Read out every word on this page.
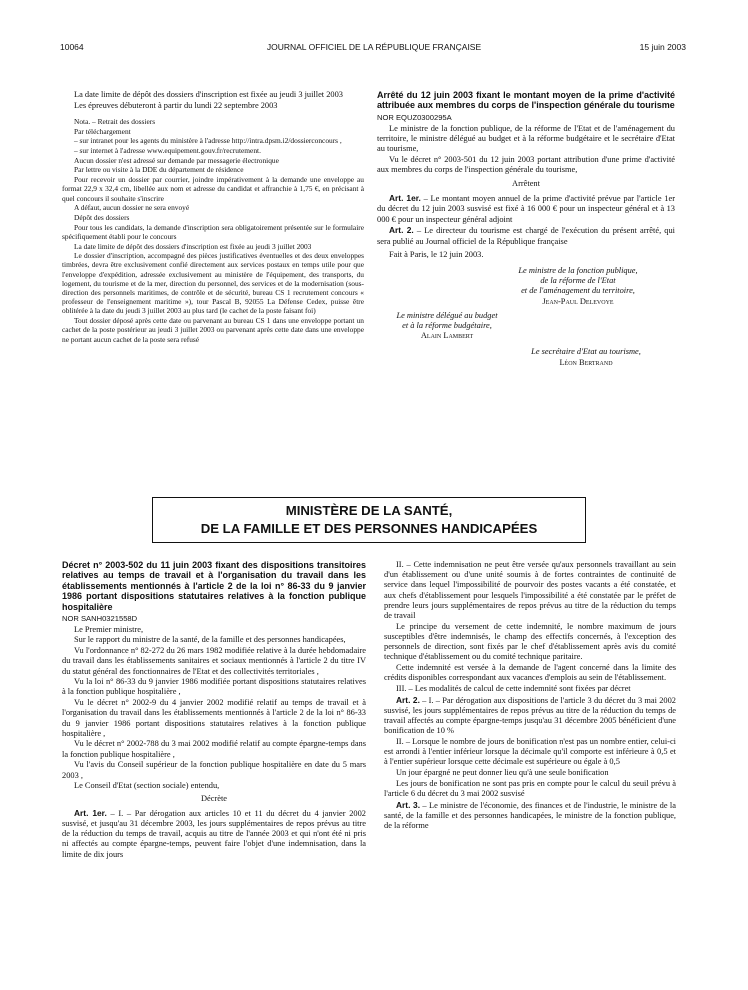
10064	JOURNAL OFFICIEL DE LA RÉPUBLIQUE FRANÇAISE	15 juin 2003

La date limite de dépôt des dossiers d'inscription est fixée au jeudi 3 juillet 2003

Les épreuves débuteront à partir du lundi 22 septembre 2003

Nota. – Retrait des dossiers

Par téléchargement

– sur intranet pour les agents du ministère à l'adresse http://intra.dpsm.i2/dossierconcours ,

– sur internet à l'adresse www.equipement.gouv.fr/recrutement.

Aucun dossier n'est adressé sur demande par messagerie électronique

Par lettre ou visite à la DDE du département de résidence

Pour recevoir un dossier par courrier, joindre impérativement à la demande une enveloppe au format 22,9 x 32,4 cm, libellée aux nom et adresse du candidat et affranchie à 1,75 €, en précisant à quel concours il souhaite s'inscrire

A défaut, aucun dossier ne sera envoyé

Dépôt des dossiers

Pour tous les candidats, la demande d'inscription sera obligatoirement présentée sur le formulaire spécifiquement établi pour le concours

La date limite de dépôt des dossiers d'inscription est fixée au jeudi 3 juillet 2003

Le dossier d'inscription, accompagné des pièces justificatives éventuelles et des deux enveloppes timbrées, devra être exclusivement confié directement aux services postaux en temps utile pour que l'enveloppe d'expédition, adressée exclusivement au ministère de l'équipement, des transports, du logement, du tourisme et de la mer, direction du personnel, des services et de la modernisation (sous-direction des personnels maritimes, de contrôle et de sécurité, bureau CS 1 recrutement concours « professeur de l'enseignement maritime »), tour Pascal B, 92055 La Défense Cedex, puisse être oblitérée à la date du jeudi 3 juillet 2003 au plus tard (le cachet de la poste faisant foi)

Tout dossier déposé après cette date ou parvenant au bureau CS 1 dans une enveloppe portant un cachet de la poste postérieur au jeudi 3 juillet 2003 ou parvenant après cette date dans une enveloppe ne portant aucun cachet de la poste sera refusé

Arrêté du 12 juin 2003 fixant le montant moyen de la prime d'activité attribuée aux membres du corps de l'inspection générale du tourisme

NOR EQUZ0300295A

Le ministre de la fonction publique, de la réforme de l'Etat et de l'aménagement du territoire, le ministre délégué au budget et à la réforme budgétaire et le secrétaire d'Etat au tourisme,

Vu le décret n° 2003-501 du 12 juin 2003 portant attribution d'une prime d'activité aux membres du corps de l'inspection générale du tourisme,

Arrêtent

Art. 1er. – Le montant moyen annuel de la prime d'activité prévue par l'article 1er du décret du 12 juin 2003 susvisé est fixé à 16 000 € pour un inspecteur général et à 13 000 € pour un inspecteur général adjoint

Art. 2. – Le directeur du tourisme est chargé de l'exécution du présent arrêté, qui sera publié au Journal officiel de la République française

Fait à Paris, le 12 juin 2003.

Le ministre de la fonction publique,
de la réforme de l'Etat
et de l'aménagement du territoire,
Jean-Paul Delevoye
Le ministre délégué au budget
et à la réforme budgétaire,
Alain Lambert
Le secrétaire d'Etat au tourisme,
Léon Bertrand
MINISTÈRE DE LA SANTÉ,
DE LA FAMILLE ET DES PERSONNES HANDICAPÉES

Décret n° 2003-502 du 11 juin 2003 fixant des dispositions transitoires relatives au temps de travail et à l'organisation du travail dans les établissements mentionnés à l'article 2 de la loi n° 86-33 du 9 janvier 1986 portant dispositions statutaires relatives à la fonction publique hospitalière

NOR SANH0321558D

Le Premier ministre,

Sur le rapport du ministre de la santé, de la famille et des personnes handicapées,

Vu l'ordonnance n° 82-272 du 26 mars 1982 modifiée relative à la durée hebdomadaire du travail dans les établissements sanitaires et sociaux mentionnés à l'article 2 du titre IV du statut général des fonctionnaires de l'Etat et des collectivités territoriales ,

Vu la loi n° 86-33 du 9 janvier 1986 modifiée portant dispositions statutaires relatives à la fonction publique hospitalière ,

Vu le décret n° 2002-9 du 4 janvier 2002 modifié relatif au temps de travail et à l'organisation du travail dans les établissements mentionnés à l'article 2 de la loi n° 86-33 du 9 janvier 1986 portant dispositions statutaires relatives à la fonction publique hospitalière ,

Vu le décret n° 2002-788 du 3 mai 2002 modifié relatif au compte épargne-temps dans la fonction publique hospitalière ,

Vu l'avis du Conseil supérieur de la fonction publique hospitalière en date du 5 mars 2003 ,

Le Conseil d'Etat (section sociale) entendu,

Décrète

Art. 1er. – I. – Par dérogation aux articles 10 et 11 du décret du 4 janvier 2002 susvisé, et jusqu'au 31 décembre 2003, les jours supplémentaires de repos prévus au titre de la réduction du temps de travail, acquis au titre de l'année 2003 et qui n'ont été ni pris ni affectés au compte épargne-temps, peuvent faire l'objet d'une indemnisation, dans la limite de dix jours

II. – Cette indemnisation ne peut être versée qu'aux personnels travaillant au sein d'un établissement ou d'une unité soumis à de fortes contraintes de continuité de service dans lequel l'impossibilité de pourvoir des postes vacants a été constatée, et aux chefs d'établissement pour lesquels l'impossibilité a été constatée par le préfet de prendre leurs jours supplémentaires de repos prévus au titre de la réduction du temps de travail

Le principe du versement de cette indemnité, le nombre maximum de jours susceptibles d'être indemnisés, le champ des effectifs concernés, à l'exception des personnels de direction, sont fixés par le chef d'établissement après avis du comité technique d'établissement ou du comité technique paritaire.

Cette indemnité est versée à la demande de l'agent concerné dans la limite des crédits disponibles correspondant aux vacances d'emplois au sein de l'établissement.

III. – Les modalités de calcul de cette indemnité sont fixées par décret

Art. 2. – I. – Par dérogation aux dispositions de l'article 3 du décret du 3 mai 2002 susvisé, les jours supplémentaires de repos prévus au titre de la réduction du temps de travail affectés au compte épargne-temps jusqu'au 31 décembre 2005 bénéficient d'une bonification de 10 %

II. – Lorsque le nombre de jours de bonification n'est pas un nombre entier, celui-ci est arrondi à l'entier inférieur lorsque la décimale qu'il comporte est inférieure à 0,5 et à l'entier supérieur lorsque cette décimale est supérieure ou égale à 0,5

Un jour épargné ne peut donner lieu qu'à une seule bonification

Les jours de bonification ne sont pas pris en compte pour le calcul du seuil prévu à l'article 6 du décret du 3 mai 2002 susvisé

Art. 3. – Le ministre de l'économie, des finances et de l'industrie, le ministre de la santé, de la famille et des personnes handicapées, le ministre de la fonction publique, de la réforme
